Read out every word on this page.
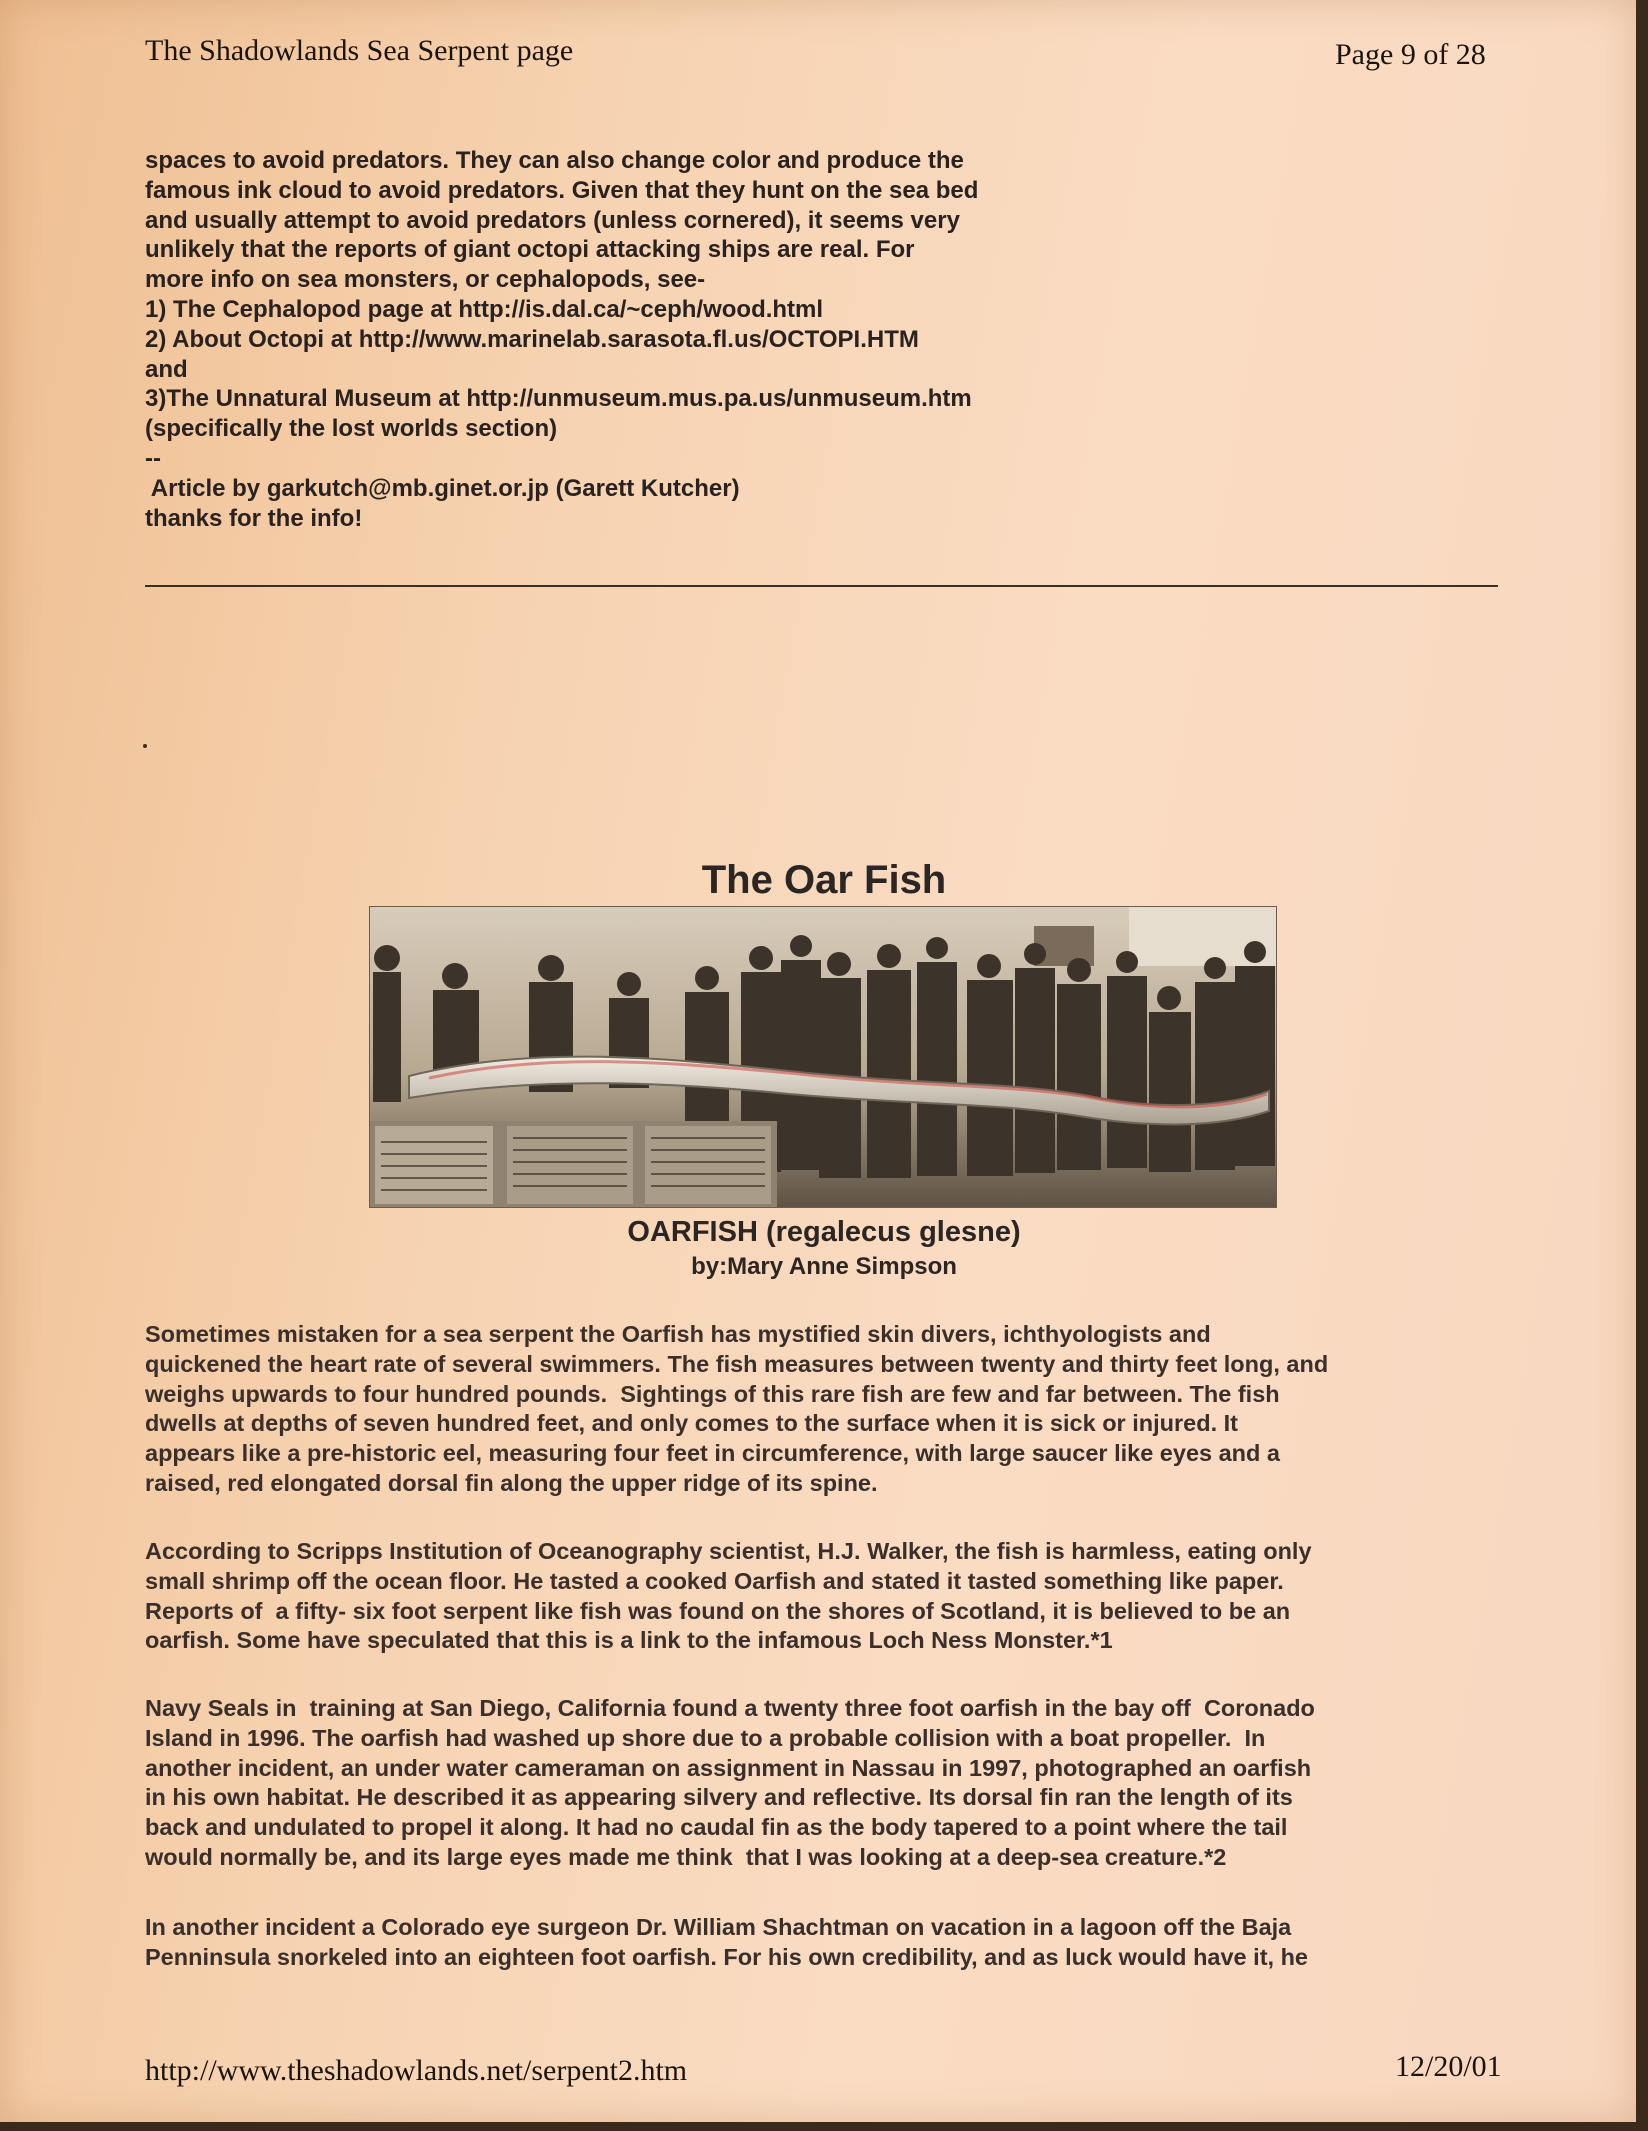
The Shadowlands Sea Serpent page	Page 9 of 28
spaces to avoid predators. They can also change color and produce the
famous ink cloud to avoid predators. Given that they hunt on the sea bed
and usually attempt to avoid predators (unless cornered), it seems very
unlikely that the reports of giant octopi attacking ships are real. For
more info on sea monsters, or cephalopods, see-
1) The Cephalopod page at http://is.dal.ca/~ceph/wood.html
2) About Octopi at http://www.marinelab.sarasota.fl.us/OCTOPI.HTM
and
3)The Unnatural Museum at http://unmuseum.mus.pa.us/unmuseum.htm
(specifically the lost worlds section)
--
Article by garkutch@mb.ginet.or.jp (Garett Kutcher)
thanks for the info!
The Oar Fish
OARFISH (regalecus glesne)
by:Mary Anne Simpson
Sometimes mistaken for a sea serpent the Oarfish has mystified skin divers, ichthyologists and
quickened the heart rate of several swimmers. The fish measures between twenty and thirty feet long, and
weighs upwards to four hundred pounds.  Sightings of this rare fish are few and far between. The fish
dwells at depths of seven hundred feet, and only comes to the surface when it is sick or injured. It
appears like a pre-historic eel, measuring four feet in circumference, with large saucer like eyes and a
raised, red elongated dorsal fin along the upper ridge of its spine.
According to Scripps Institution of Oceanography scientist, H.J. Walker, the fish is harmless, eating only
small shrimp off the ocean floor. He tasted a cooked Oarfish and stated it tasted something like paper.
Reports of  a fifty- six foot serpent like fish was found on the shores of Scotland, it is believed to be an
oarfish. Some have speculated that this is a link to the infamous Loch Ness Monster.*1
Navy Seals in  training at San Diego, California found a twenty three foot oarfish in the bay off  Coronado
Island in 1996. The oarfish had washed up shore due to a probable collision with a boat propeller.  In
another incident, an under water cameraman on assignment in Nassau in 1997, photographed an oarfish
in his own habitat. He described it as appearing silvery and reflective. Its dorsal fin ran the length of its
back and undulated to propel it along. It had no caudal fin as the body tapered to a point where the tail
would normally be, and its large eyes made me think  that I was looking at a deep-sea creature.*2
In another incident a Colorado eye surgeon Dr. William Shachtman on vacation in a lagoon off the Baja
Penninsula snorkeled into an eighteen foot oarfish. For his own credibility, and as luck would have it, he
http://www.theshadowlands.net/serpent2.htm	12/20/01
